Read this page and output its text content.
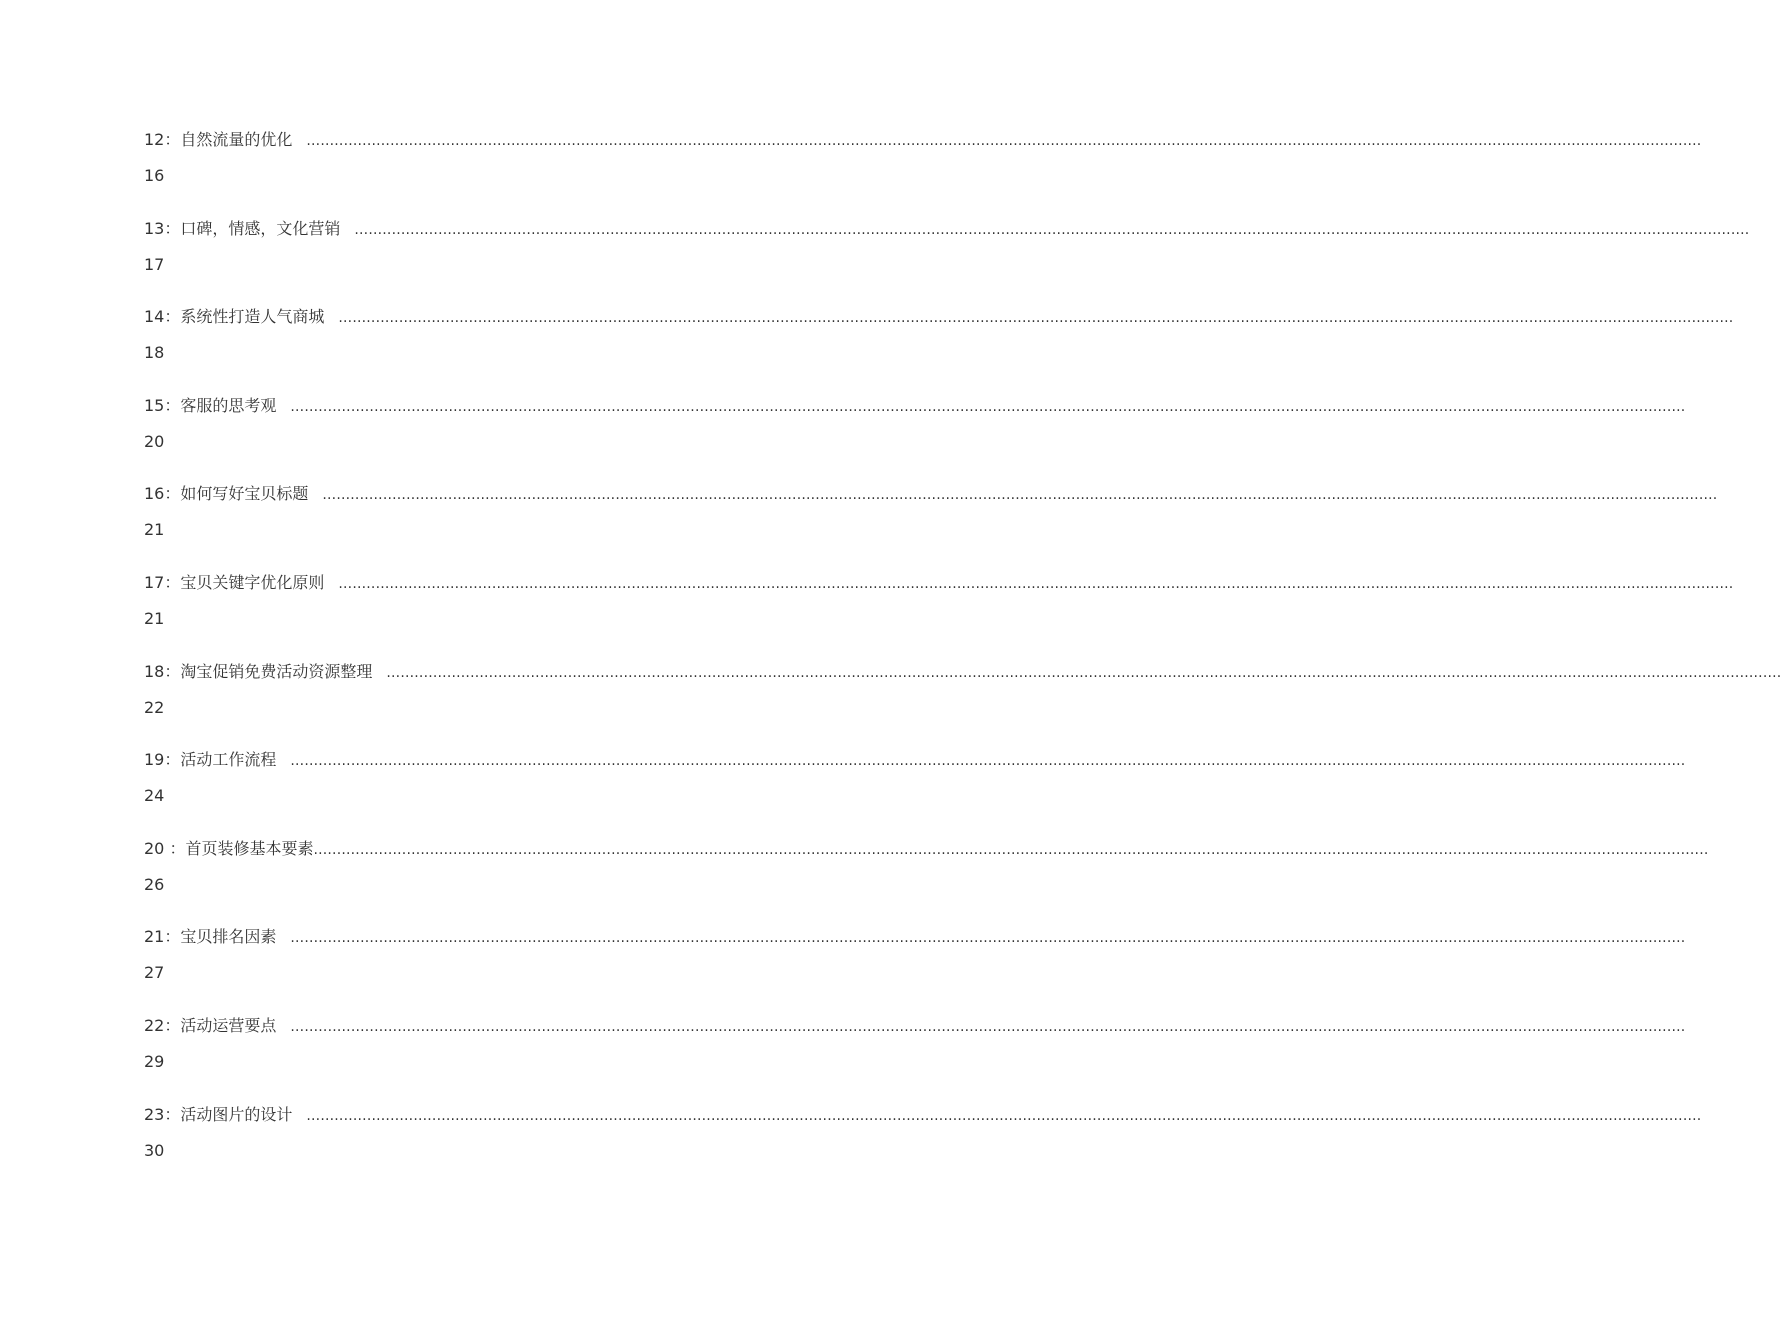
12：自然流量的优化	............................................................................................................................................................................................................................................................................................................
16
13：口碑，情感，文化营销	............................................................................................................................................................................................................................................................................................................
17
14：系统性打造人气商城	............................................................................................................................................................................................................................................................................................................
18
15：客服的思考观	............................................................................................................................................................................................................................................................................................................
20
16：如何写好宝贝标题	............................................................................................................................................................................................................................................................................................................
21
17：宝贝关键字优化原则	............................................................................................................................................................................................................................................................................................................
21
18：淘宝促销免费活动资源整理	............................................................................................................................................................................................................................................................................................................
22
19：活动工作流程	............................................................................................................................................................................................................................................................................................................
24
20 ：首页装修基本要素 ............................................................................................................................................................................................................................................................................................................
26
21：宝贝排名因素	............................................................................................................................................................................................................................................................................................................
27
22：活动运营要点	............................................................................................................................................................................................................................................................................................................
29
23：活动图片的设计	............................................................................................................................................................................................................................................................................................................
30
